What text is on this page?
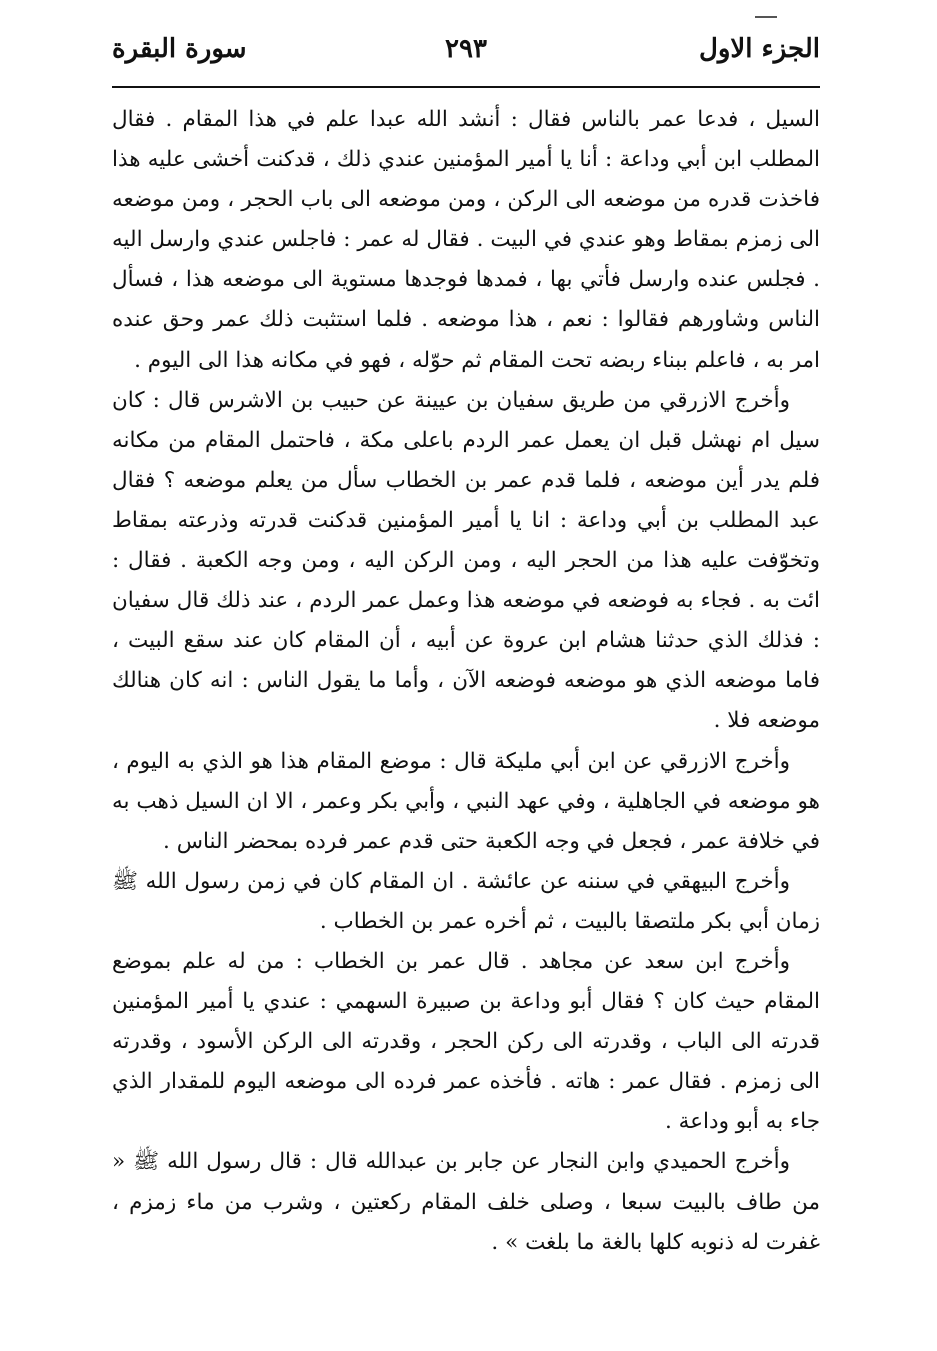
الجزء الاول
٢٩٣
سورة البقرة

السيل ، فدعا عمر بالناس فقال : أنشد الله عبدا علم في هذا المقام . فقال المطلب ابن أبي وداعة : أنا يا أمير المؤمنين عندي ذلك ، قدكنت أخشى عليه هذا فاخذت قدره من موضعه الى الركن ، ومن موضعه الى باب الحجر ، ومن موضعه الى زمزم بمقاط وهو عندي في البيت . فقال له عمر : فاجلس عندي وارسل اليه . فجلس عنده وارسل فأتي بها ، فمدها فوجدها مستوية الى موضعه هذا ، فسأل الناس وشاورهم فقالوا : نعم ، هذا موضعه . فلما استثبت ذلك عمر وحق عنده امر به ، فاعلم ببناء ربضه تحت المقام ثم حوّله ، فهو في مكانه هذا الى اليوم .

وأخرج الازرقي من طريق سفيان بن عيينة عن حبيب بن الاشرس قال : كان سيل ام نهشل قبل ان يعمل عمر الردم باعلى مكة ، فاحتمل المقام من مكانه فلم يدر أين موضعه ، فلما قدم عمر بن الخطاب سأل من يعلم موضعه ؟ فقال عبد المطلب بن أبي وداعة : انا يا أمير المؤمنين قدكنت قدرته وذرعته بمقاط وتخوّفت عليه هذا من الحجر اليه ، ومن الركن اليه ، ومن وجه الكعبة . فقال : ائت به . فجاء به فوضعه في موضعه هذا وعمل عمر الردم ، عند ذلك قال سفيان : فذلك الذي حدثنا هشام ابن عروة عن أبيه ، أن المقام كان عند سقع البيت ، فاما موضعه الذي هو موضعه فوضعه الآن ، وأما ما يقول الناس : انه كان هنالك موضعه فلا .

وأخرج الازرقي عن ابن أبي مليكة قال : موضع المقام هذا هو الذي به اليوم ، هو موضعه في الجاهلية ، وفي عهد النبي ، وأبي بكر وعمر ، الا ان السيل ذهب به في خلافة عمر ، فجعل في وجه الكعبة حتى قدم عمر فرده بمحضر الناس .

وأخرج البيهقي في سننه عن عائشة . ان المقام كان في زمن رسول الله ﷺ زمان أبي بكر ملتصقا بالبيت ، ثم أخره عمر بن الخطاب .

وأخرج ابن سعد عن مجاهد . قال عمر بن الخطاب : من له علم بموضع المقام حيث كان ؟ فقال أبو وداعة بن صبيرة السهمي : عندي يا أمير المؤمنين قدرته الى الباب ، وقدرته الى ركن الحجر ، وقدرته الى الركن الأسود ، وقدرته الى زمزم . فقال عمر : هاته . فأخذه عمر فرده الى موضعه اليوم للمقدار الذي جاء به أبو وداعة .

وأخرج الحميدي وابن النجار عن جابر بن عبدالله قال : قال رسول الله ﷺ « من طاف بالبيت سبعا ، وصلى خلف المقام ركعتين ، وشرب من ماء زمزم ، غفرت له ذنوبه كلها بالغة ما بلغت » .
